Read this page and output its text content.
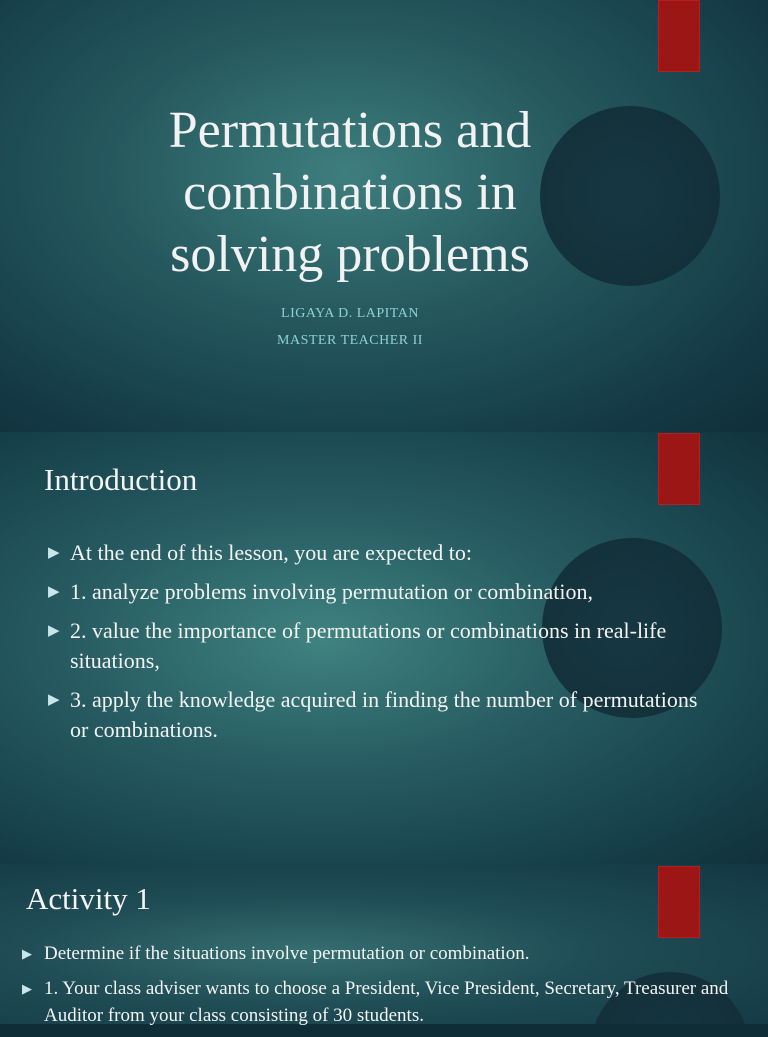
Permutations and
combinations in
solving problems
LIGAYA D. LAPITAN
MASTER TEACHER II
Introduction
▶ At the end of this lesson, you are expected to:
▶ 1. analyze problems involving permutation or combination,
▶ 2. value the importance of permutations or combinations in real-life situations,
▶ 3. apply the knowledge acquired in finding the number of permutations or combinations.
Activity 1
▶ Determine if the situations involve permutation or combination.
▶ 1. Your class adviser wants to choose a President, Vice President, Secretary, Treasurer and Auditor from your class consisting of 30 students.
